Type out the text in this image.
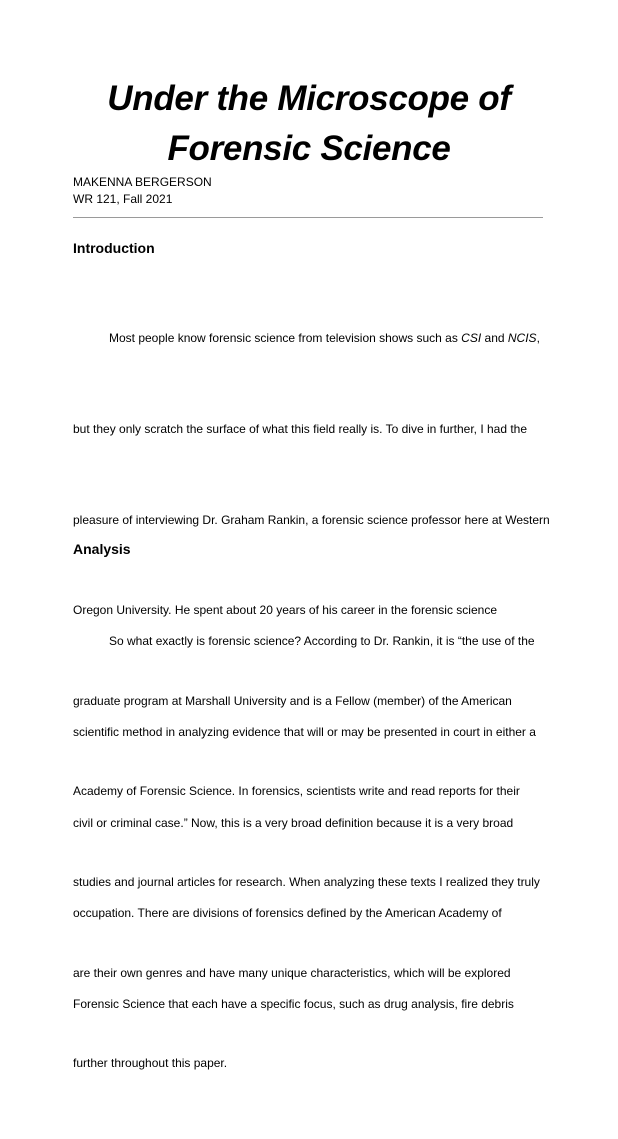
Under the Microscope of
Forensic Science
MAKENNA BERGERSON
WR 121, Fall 2021
Introduction

Most people know forensic science from television shows such as CSI and NCIS,

but they only scratch the surface of what this field really is. To dive in further, I had the

pleasure of interviewing Dr. Graham Rankin, a forensic science professor here at Western

Oregon University. He spent about 20 years of his career in the forensic science

graduate program at Marshall University and is a Fellow (member) of the American

Academy of Forensic Science. In forensics, scientists write and read reports for their

studies and journal articles for research. When analyzing these texts I realized they truly

are their own genres and have many unique characteristics, which will be explored

further throughout this paper.

Analysis

So what exactly is forensic science? According to Dr. Rankin, it is “the use of the

scientific method in analyzing evidence that will or may be presented in court in either a

civil or criminal case.” Now, this is a very broad definition because it is a very broad

occupation. There are divisions of forensics defined by the American Academy of

Forensic Science that each have a specific focus, such as drug analysis, fire debris
